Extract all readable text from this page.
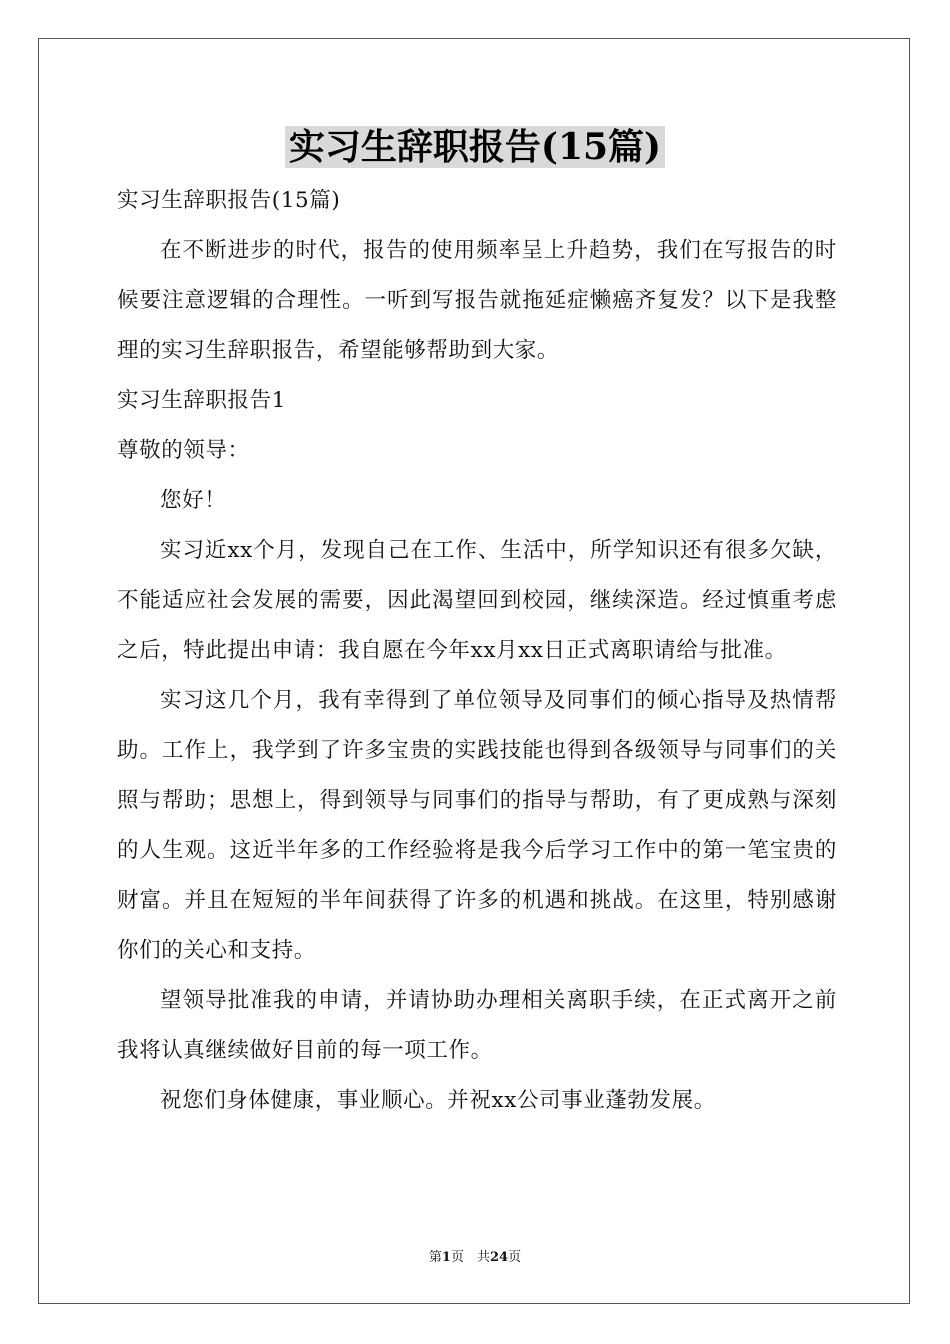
实习生辞职报告(15篇)

实习生辞职报告(15篇)

在不断进步的时代，报告的使用频率呈上升趋势，我们在写报告的时候要注意逻辑的合理性。一听到写报告就拖延症懒癌齐复发？以下是我整理的实习生辞职报告，希望能够帮助到大家。

实习生辞职报告1

尊敬的领导：

您好！

实习近xx个月，发现自己在工作、生活中，所学知识还有很多欠缺，不能适应社会发展的需要，因此渴望回到校园，继续深造。经过慎重考虑之后，特此提出申请：我自愿在今年xx月xx日正式离职请给与批准。

实习这几个月，我有幸得到了单位领导及同事们的倾心指导及热情帮助。工作上，我学到了许多宝贵的实践技能也得到各级领导与同事们的关照与帮助；思想上，得到领导与同事们的指导与帮助，有了更成熟与深刻的人生观。这近半年多的工作经验将是我今后学习工作中的第一笔宝贵的财富。并且在短短的半年间获得了许多的机遇和挑战。在这里，特别感谢你们的关心和支持。

望领导批准我的申请，并请协助办理相关离职手续，在正式离开之前我将认真继续做好目前的每一项工作。

祝您们身体健康，事业顺心。并祝xx公司事业蓬勃发展。

第1页　共24页
